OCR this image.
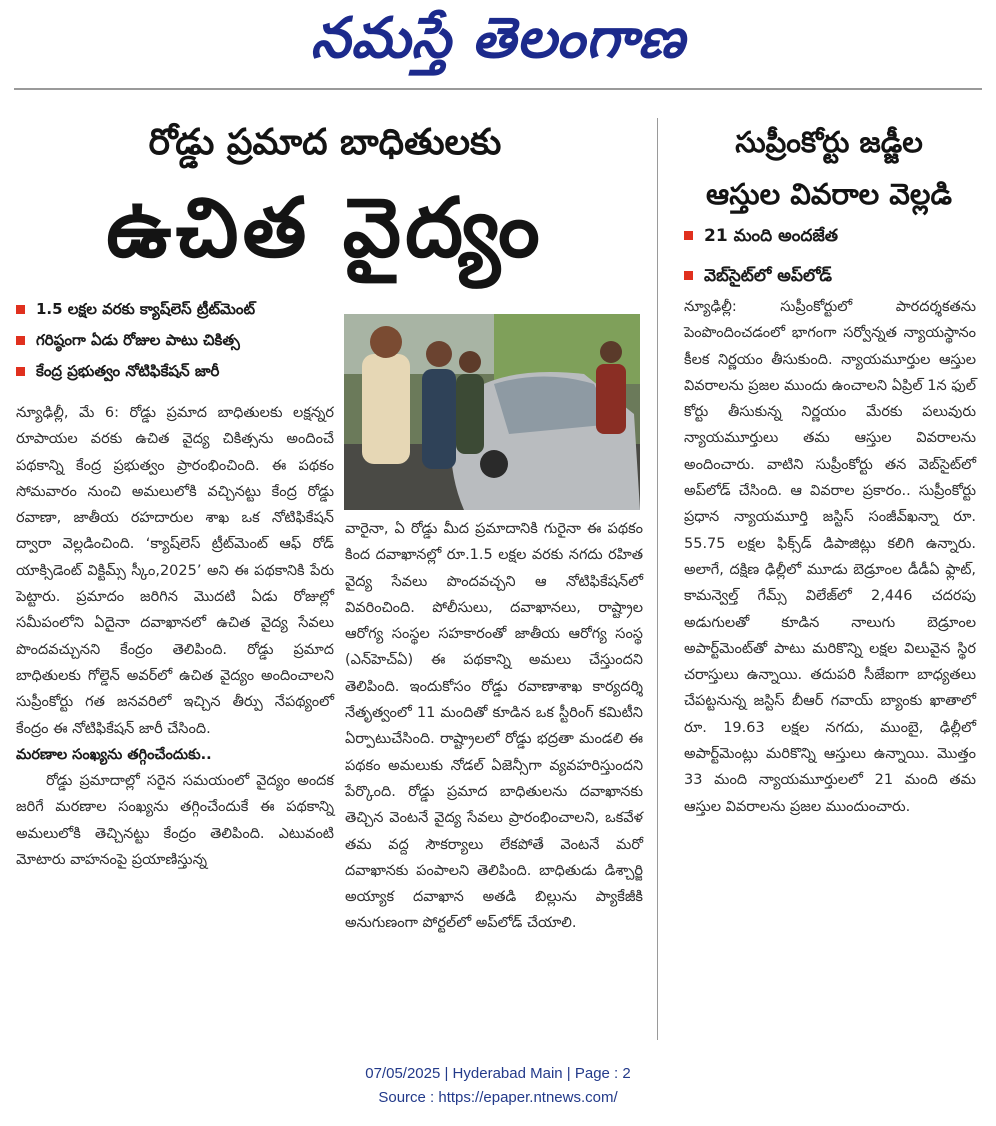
నమస్తే తెలంగాణ
రోడ్డు ప్రమాద బాధితులకు
ఉచిత వైద్యం
1.5 లక్షల వరకు క్యాష్‌లెస్ ట్రీట్‌మెంట్
గరిష్ఠంగా ఏడు రోజుల పాటు చికిత్స
కేంద్ర ప్రభుత్వం నోటిఫికేషన్ జారీ

న్యూఢిల్లీ, మే 6: రోడ్డు ప్రమాద బాధితులకు లక్షన్నర రూపాయల వరకు ఉచిత వైద్య చికిత్సను అందించే పథకాన్ని కేంద్ర ప్రభుత్వం ప్రారంభించింది. ఈ పథకం సోమవారం నుంచి అమలులోకి వచ్చినట్టు కేంద్ర రోడ్డు రవాణా, జాతీయ రహదారుల శాఖ ఒక నోటిఫికేషన్ ద్వారా వెల్లడించింది. ‘క్యాష్‌లెస్ ట్రీట్‌మెంట్ ఆఫ్ రోడ్ యాక్సిడెంట్ విక్టిమ్స్ స్కీం,2025’ అని ఈ పథకానికి పేరు పెట్టారు. ప్రమాదం జరిగిన మొదటి ఏడు రోజుల్లో సమీపంలోని ఏదైనా దవాఖానలో ఉచిత వైద్య సేవలు పొందవచ్చునని కేంద్రం తెలిపింది. రోడ్డు ప్రమాద బాధితులకు గోల్డెన్ అవర్‌లో ఉచిత వైద్యం అందించాలని సుప్రీంకోర్టు గత జనవరిలో ఇచ్చిన తీర్పు నేపథ్యంలో కేంద్రం ఈ నోటిఫికేషన్ జారీ చేసింది.

మరణాల సంఖ్యను తగ్గించేందుకు..

రోడ్డు ప్రమాదాల్లో సరైన సమయంలో వైద్యం అందక జరిగే మరణాల సంఖ్యను తగ్గించేందుకే ఈ పథకాన్ని అమలులోకి తెచ్చినట్టు కేంద్రం తెలిపింది. ఎటువంటి మోటారు వాహనంపై ప్రయాణిస్తున్న

వారైనా, ఏ రోడ్డు మీద ప్రమాదానికి గురైనా ఈ పథకం కింద దవాఖానల్లో రూ.1.5 లక్షల వరకు నగదు రహిత వైద్య సేవలు పొందవచ్చని ఆ నోటిఫికేషన్‌లో వివరించింది. పోలీసులు, దవాఖానలు, రాష్ట్రాల ఆరోగ్య సంస్థల సహకారంతో జాతీయ ఆరోగ్య సంస్థ (ఎన్‌హెచ్‌ఏ) ఈ పథకాన్ని అమలు చేస్తుందని తెలిపింది. ఇందుకోసం రోడ్డు రవాణాశాఖ కార్యదర్శి నేతృత్వంలో 11 మందితో కూడిన ఒక స్టీరింగ్ కమిటీని ఏర్పాటుచేసింది. రాష్ట్రాలలో రోడ్డు భద్రతా మండలి ఈ పథకం అమలుకు నోడల్ ఏజెన్సీగా వ్యవహరిస్తుందని పేర్కొంది. రోడ్డు ప్రమాద బాధితులను దవాఖానకు తెచ్చిన వెంటనే వైద్య సేవలు ప్రారంభించాలని, ఒకవేళ తమ వద్ద సౌకర్యాలు లేకపోతే వెంటనే మరో దవాఖానకు పంపాలని తెలిపింది. బాధితుడు డిశ్చార్జి అయ్యాక దవాఖాన అతడి బిల్లును ప్యాకేజీకి అనుగుణంగా పోర్టల్‌లో అప్‌లోడ్ చేయాలి.

సుప్రీంకోర్టు జడ్జీల
ఆస్తుల వివరాల వెల్లడి
21 మంది అందజేత
వెబ్‌సైట్‌లో అప్‌లోడ్

న్యూఢిల్లీ: సుప్రీంకోర్టులో పారదర్శకతను పెంపొందించడంలో భాగంగా సర్వోన్నత న్యాయస్థానం కీలక నిర్ణయం తీసుకుంది. న్యాయమూర్తుల ఆస్తుల వివరాలను ప్రజల ముందు ఉంచాలని ఏప్రిల్ 1న ఫుల్ కోర్టు తీసుకున్న నిర్ణయం మేరకు పలువురు న్యాయమూర్తులు తమ ఆస్తుల వివరాలను అందించారు. వాటిని సుప్రీంకోర్టు తన వెబ్‌సైట్‌లో అప్‌లోడ్ చేసింది. ఆ వివరాల ప్రకారం.. సుప్రీంకోర్టు ప్రధాన న్యాయమూర్తి జస్టిస్ సంజీవ్‌ఖన్నా రూ. 55.75 లక్షల ఫిక్స్‌డ్ డిపాజిట్లు కలిగి ఉన్నారు. అలాగే, దక్షిణ ఢిల్లీలో మూడు బెడ్రూంల డీడీఏ ఫ్లాట్, కామన్వెల్త్ గేమ్స్ విలేజ్‌లో 2,446 చదరపు అడుగులతో కూడిన నాలుగు బెడ్రూంల అపార్ట్‌మెంట్‌తో పాటు మరికొన్ని లక్షల విలువైన స్థిర చరాస్తులు ఉన్నాయి. తదుపరి సీజేఐగా బాధ్యతలు చేపట్టనున్న జస్టిస్ బీఆర్ గవాయ్ బ్యాంకు ఖాతాలో రూ. 19.63 లక్షల నగదు, ముంబై, ఢిల్లీలో అపార్ట్‌మెంట్లు మరికొన్ని ఆస్తులు ఉన్నాయి. మొత్తం 33 మంది న్యాయమూర్తులలో 21 మంది తమ ఆస్తుల వివరాలను ప్రజల ముందుంచారు.

07/05/2025 | Hyderabad Main | Page : 2
Source : https://epaper.ntnews.com/
